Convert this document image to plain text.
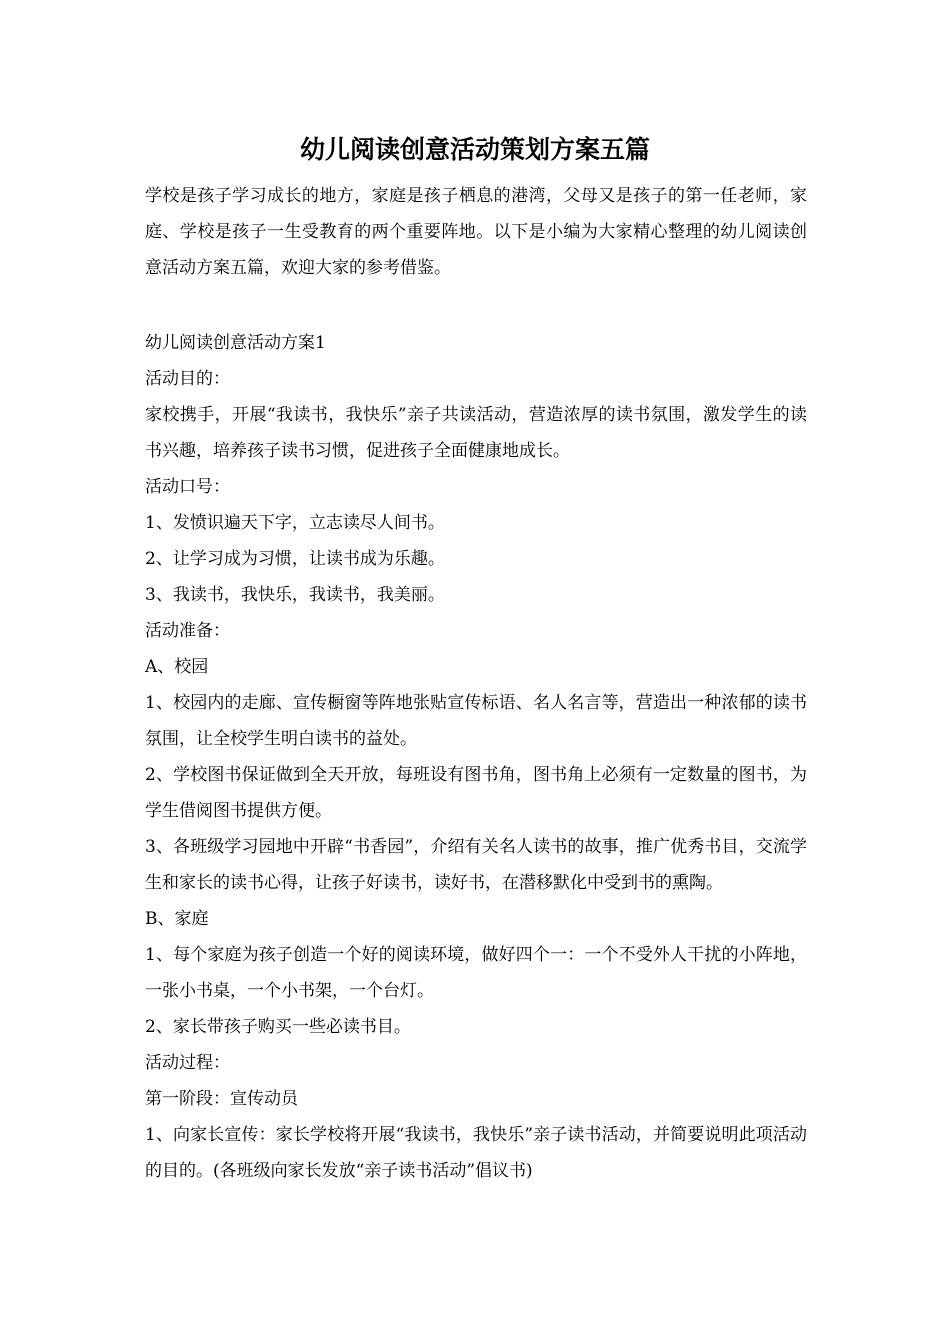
幼儿阅读创意活动策划方案五篇

学校是孩子学习成长的地方，家庭是孩子栖息的港湾，父母又是孩子的第一任老师，家庭、学校是孩子一生受教育的两个重要阵地。以下是小编为大家精心整理的幼儿阅读创意活动方案五篇，欢迎大家的参考借鉴。

幼儿阅读创意活动方案1

活动目的：

家校携手，开展“我读书，我快乐”亲子共读活动，营造浓厚的读书氛围，激发学生的读书兴趣，培养孩子读书习惯，促进孩子全面健康地成长。

活动口号：

1、发愤识遍天下字，立志读尽人间书。

2、让学习成为习惯，让读书成为乐趣。

3、我读书，我快乐，我读书，我美丽。

活动准备：

A、校园

1、校园内的走廊、宣传橱窗等阵地张贴宣传标语、名人名言等，营造出一种浓郁的读书氛围，让全校学生明白读书的益处。

2、学校图书保证做到全天开放，每班设有图书角，图书角上必须有一定数量的图书，为学生借阅图书提供方便。

3、各班级学习园地中开辟“书香园”，介绍有关名人读书的故事，推广优秀书目，交流学生和家长的读书心得，让孩子好读书，读好书，在潜移默化中受到书的熏陶。

B、家庭

1、每个家庭为孩子创造一个好的阅读环境，做好四个一：一个不受外人干扰的小阵地，一张小书桌，一个小书架，一个台灯。

2、家长带孩子购买一些必读书目。

活动过程：

第一阶段：宣传动员

1、向家长宣传：家长学校将开展“我读书，我快乐”亲子读书活动，并简要说明此项活动的目的。(各班级向家长发放“亲子读书活动”倡议书)
